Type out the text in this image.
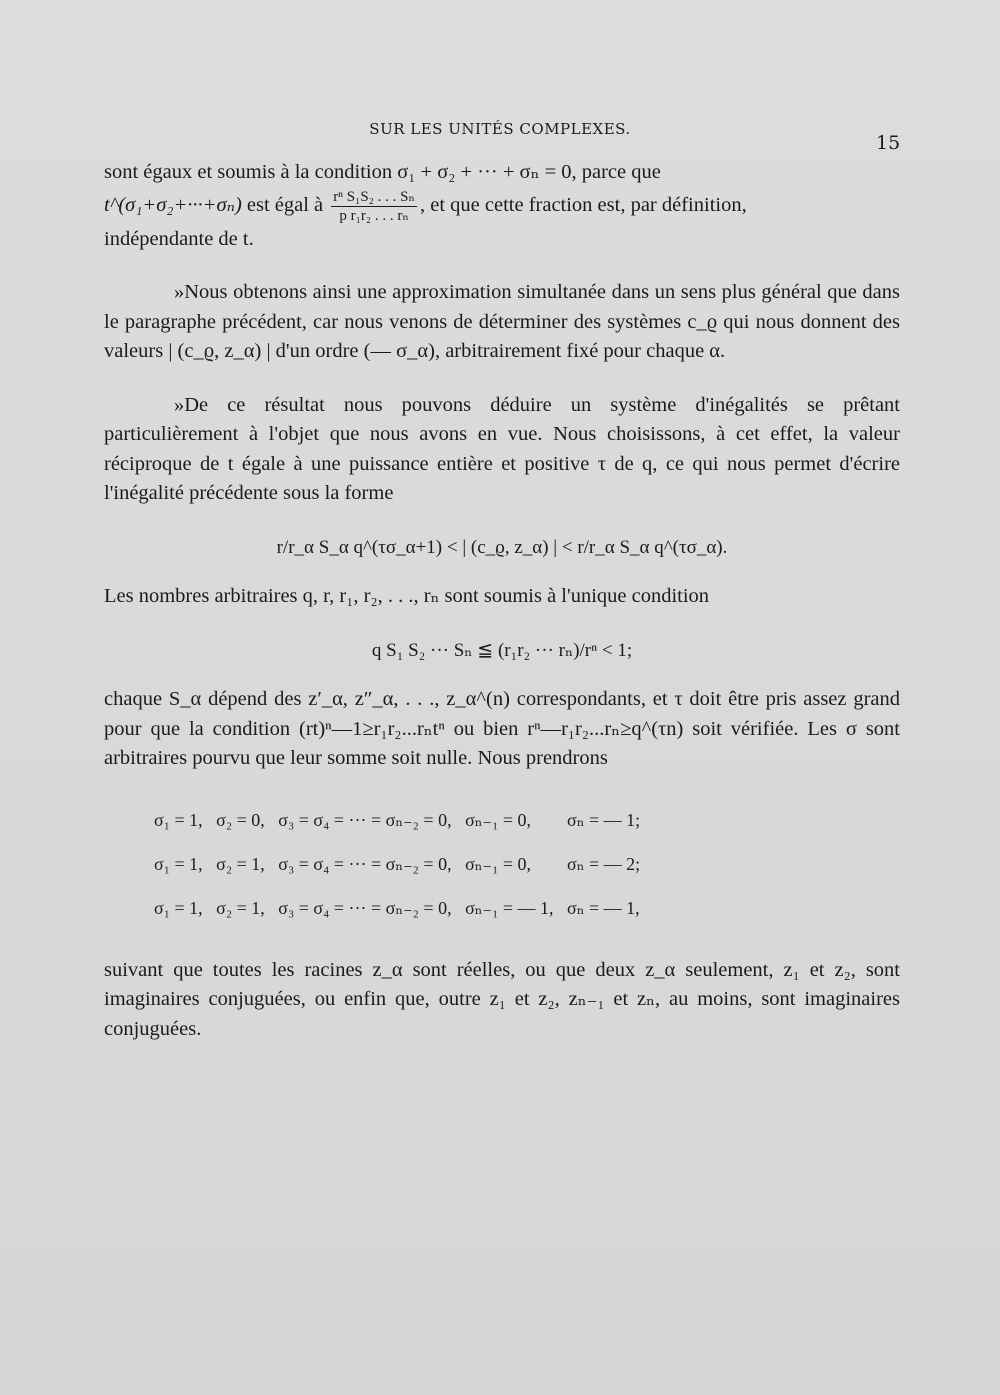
SUR LES UNITÉS COMPLEXES.
15

sont égaux et soumis à la condition σ₁ + σ₂ + ··· + σₙ = 0, parce que
t^(σ₁+σ₂+···+σₙ) est égal à $\frac{\text{rⁿ S₁S₂ . . . Sₙ}}{\text{p r₁r₂ . . . rₙ}}$ , et que cette fraction est, par définition,
indépendante de t.

»Nous obtenons ainsi une approximation simultanée dans un sens plus général que dans le paragraphe précédent, car nous venons de déterminer des systèmes c_ϱ qui nous donnent des valeurs | (c_ϱ, z_α) | d'un ordre (— σ_α), arbitrairement fixé pour chaque α.

»De ce résultat nous pouvons déduire un système d'inégalités se prêtant particulièrement à l'objet que nous avons en vue. Nous choisissons, à cet effet, la valeur réciproque de t égale à une puissance entière et positive τ de q, ce qui nous permet d'écrire l'inégalité précédente sous la forme

r/r_α S_α q^(τσ_α+1) < | (c_ϱ, z_α) | < r/r_α S_α q^(τσ_α).

Les nombres arbitraires q, r, r₁, r₂, . . ., rₙ sont soumis à l'unique condition

q S₁ S₂ ··· Sₙ ≦ (r₁r₂ ··· rₙ)/rⁿ < 1;

chaque S_α dépend des z′_α, z″_α, . . ., z_α^(n) correspondants, et τ doit être pris assez grand pour que la condition (rt)ⁿ—1≥r₁r₂...rₙtⁿ ou bien rⁿ—r₁r₂...rₙ≥q^(τn) soit vérifiée. Les σ sont arbitraires pourvu que leur somme soit nulle. Nous prendrons

σ₁ = 1,   σ₂ = 0,   σ₃ = σ₄ = ··· = σₙ₋₂ = 0,   σₙ₋₁ = 0,        σₙ = — 1;
σ₁ = 1,   σ₂ = 1,   σ₃ = σ₄ = ··· = σₙ₋₂ = 0,   σₙ₋₁ = 0,        σₙ = — 2;
σ₁ = 1,   σ₂ = 1,   σ₃ = σ₄ = ··· = σₙ₋₂ = 0,   σₙ₋₁ = — 1,   σₙ = — 1,

suivant que toutes les racines z_α sont réelles, ou que deux z_α seulement, z₁ et z₂, sont imaginaires conjuguées, ou enfin que, outre z₁ et z₂, zₙ₋₁ et zₙ, au moins, sont imaginaires conjuguées.
